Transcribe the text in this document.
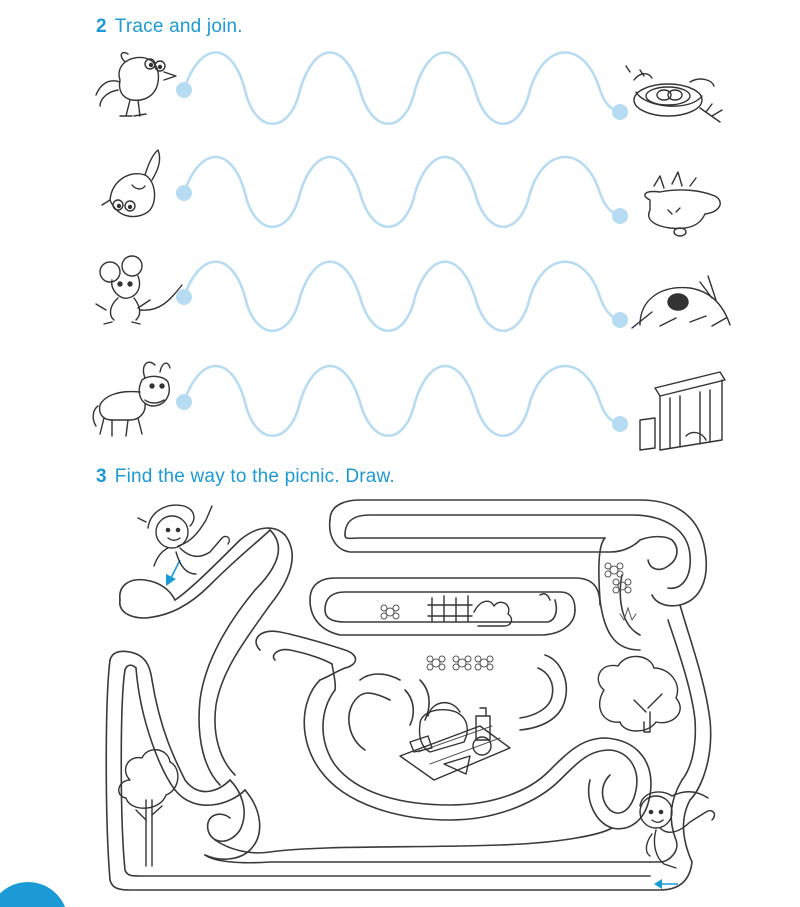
2 Trace and join.
3 Find the way to the picnic. Draw.
